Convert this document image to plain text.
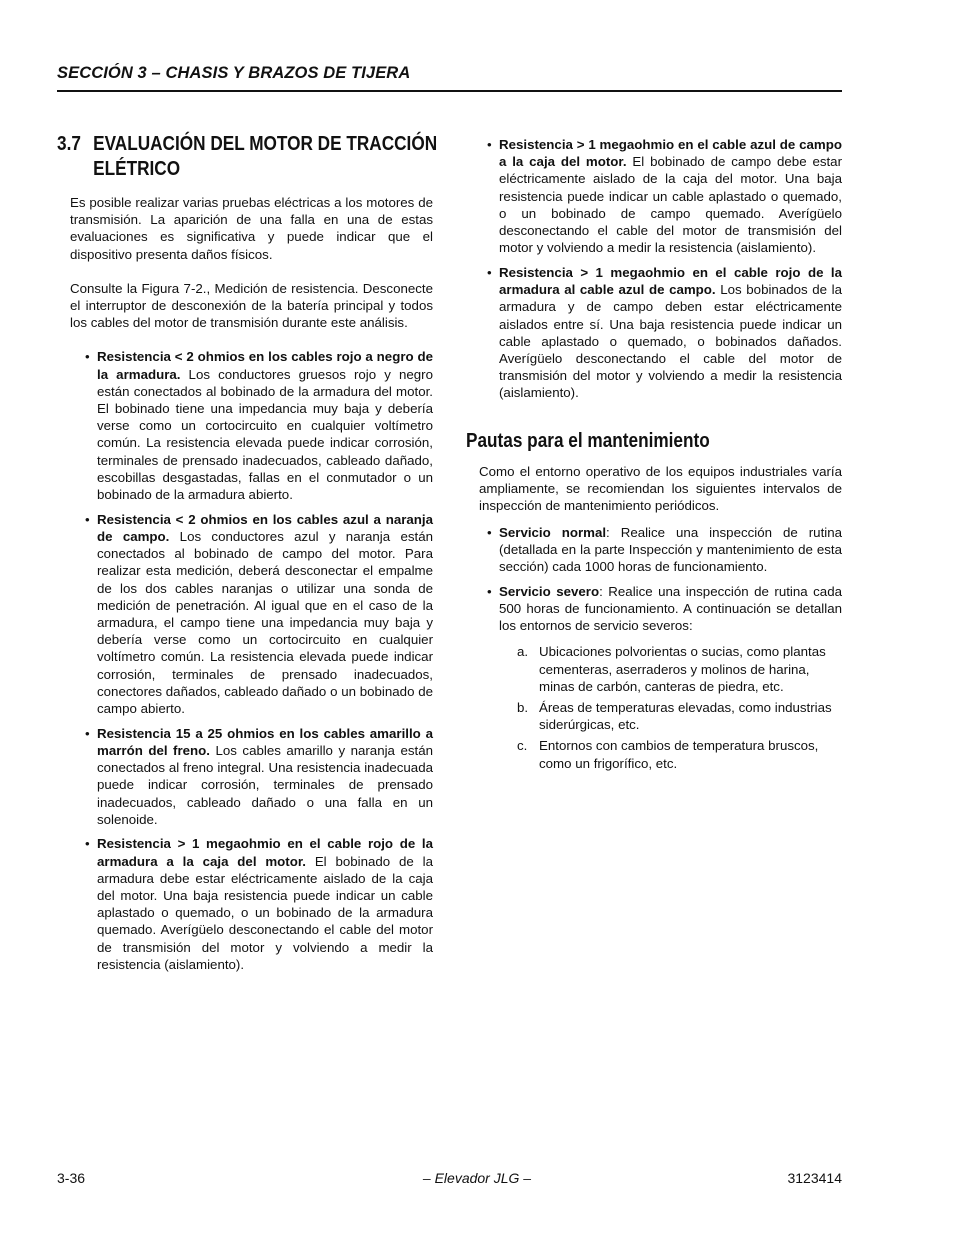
SECCIÓN 3 – CHASIS Y BRAZOS DE TIJERA
3.7 EVALUACIÓN DEL MOTOR DE TRACCIÓN
ELÉTRICO

Es posible realizar varias pruebas eléctricas a los motores de transmisión. La aparición de una falla en una de estas evaluaciones es significativa y puede indicar que el dispositivo presenta daños físicos.

Consulte la Figura 7-2., Medición de resistencia. Desconecte el interruptor de desconexión de la batería principal y todos los cables del motor de transmisión durante este análisis.

• Resistencia < 2 ohmios en los cables rojo a negro de la armadura. Los conductores gruesos rojo y negro están conectados al bobinado de la armadura del motor. El bobinado tiene una impedancia muy baja y debería verse como un cortocircuito en cualquier voltímetro común. La resistencia elevada puede indicar corrosión, terminales de prensado inadecuados, cableado dañado, escobillas desgastadas, fallas en el conmutador o un bobinado de la armadura abierto.
• Resistencia < 2 ohmios en los cables azul a naranja de campo. Los conductores azul y naranja están conectados al bobinado de campo del motor. Para realizar esta medición, deberá desconectar el empalme de los dos cables naranjas o utilizar una sonda de medición de penetración. Al igual que en el caso de la armadura, el campo tiene una impedancia muy baja y debería verse como un cortocircuito en cualquier voltímetro común. La resistencia elevada puede indicar corrosión, terminales de prensado inadecuados, conectores dañados, cableado dañado o un bobinado de campo abierto.
• Resistencia 15 a 25 ohmios en los cables amarillo a marrón del freno. Los cables amarillo y naranja están conectados al freno integral. Una resistencia inadecuada puede indicar corrosión, terminales de prensado inadecuados, cableado dañado o una falla en un solenoide.
• Resistencia > 1 megaohmio en el cable rojo de la armadura a la caja del motor. El bobinado de la armadura debe estar eléctricamente aislado de la caja del motor. Una baja resistencia puede indicar un cable aplastado o quemado, o un bobinado de la armadura quemado. Averígüelo desconectando el cable del motor de transmisión del motor y volviendo a medir la resistencia (aislamiento).
• Resistencia > 1 megaohmio en el cable azul de campo a la caja del motor. El bobinado de campo debe estar eléctricamente aislado de la caja del motor. Una baja resistencia puede indicar un cable aplastado o quemado, o un bobinado de campo quemado. Averígüelo desconectando el cable del motor de transmisión del motor y volviendo a medir la resistencia (aislamiento).
• Resistencia > 1 megaohmio en el cable rojo de la armadura al cable azul de campo. Los bobinados de la armadura y de campo deben estar eléctricamente aislados entre sí. Una baja resistencia puede indicar un cable aplastado o quemado, o bobinados dañados. Averígüelo desconectando el cable del motor de transmisión del motor y volviendo a medir la resistencia (aislamiento).
Pautas para el mantenimiento

Como el entorno operativo de los equipos industriales varía ampliamente, se recomiendan los siguientes intervalos de inspección de mantenimiento periódicos.

• Servicio normal: Realice una inspección de rutina (detallada en la parte Inspección y mantenimiento de esta sección) cada 1000 horas de funcionamiento.
• Servicio severo: Realice una inspección de rutina cada 500 horas de funcionamiento. A continuación se detallan los entornos de servicio severos:
a. Ubicaciones polvorientas o sucias, como plantas cementeras, aserraderos y molinos de harina, minas de carbón, canteras de piedra, etc.
b. Áreas de temperaturas elevadas, como industrias siderúrgicas, etc.
c. Entornos con cambios de temperatura bruscos, como un frigorífico, etc.
3-36	– Elevador JLG –	3123414
